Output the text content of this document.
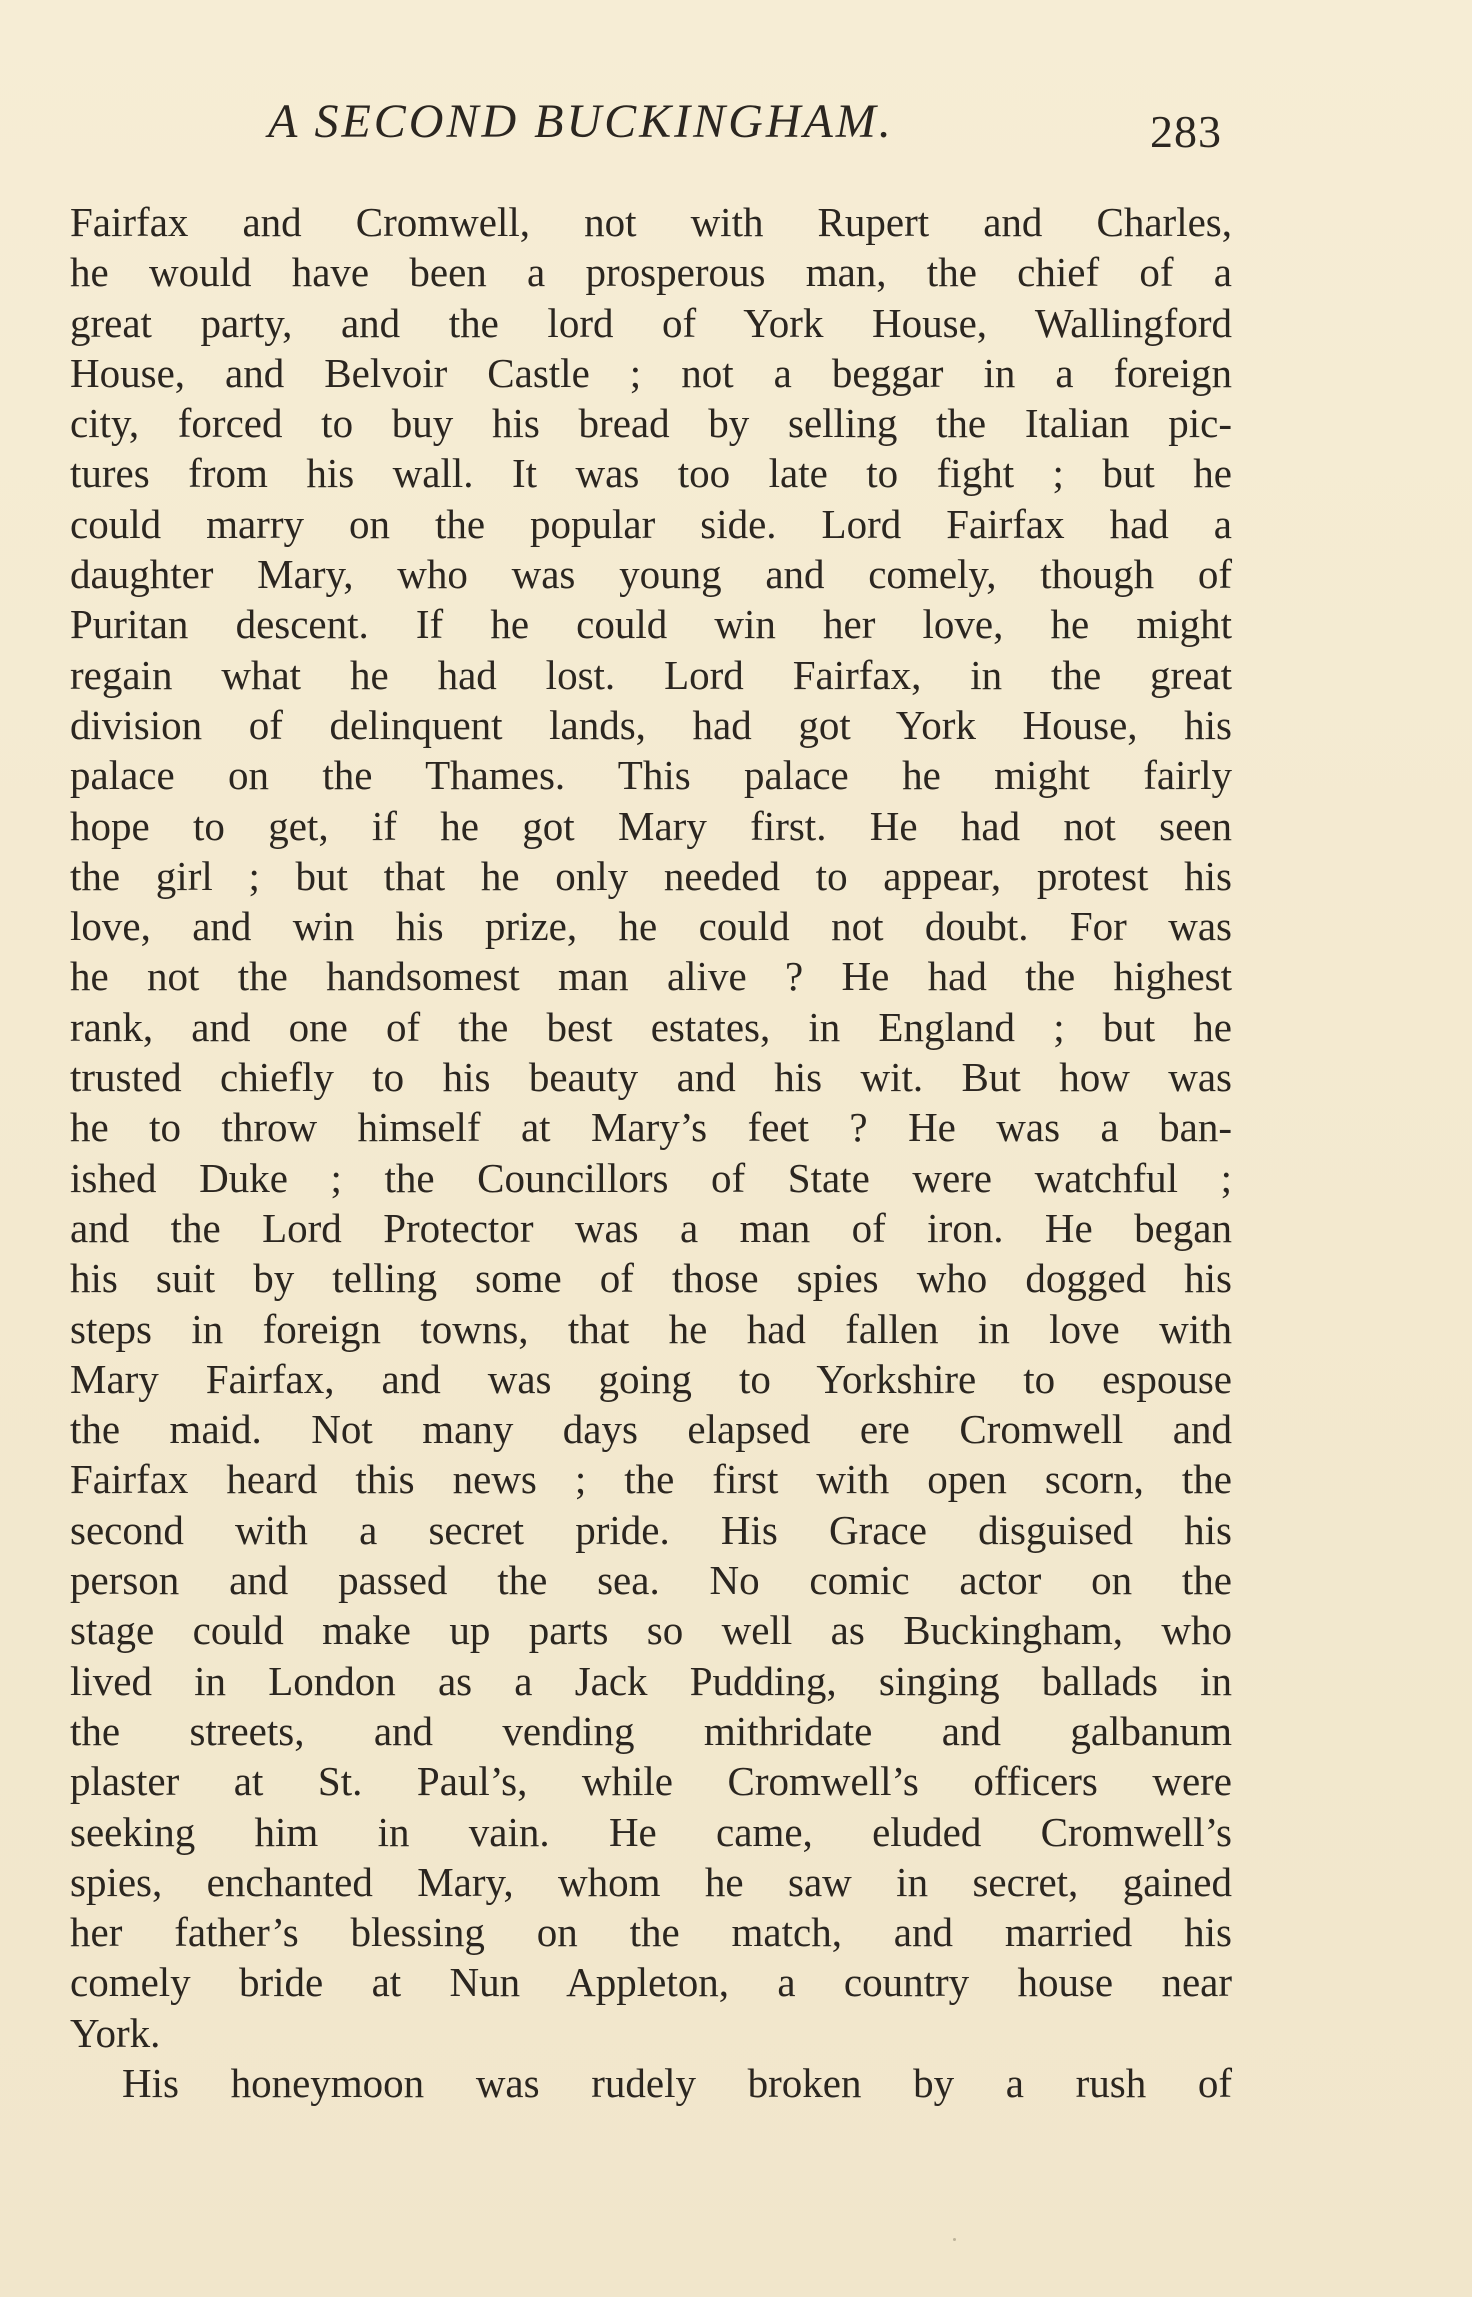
A SECOND BUCKINGHAM.	283
Fairfax and Cromwell, not with Rupert and Charles,
he would have been a prosperous man, the chief of a
great party, and the lord of York House, Wallingford
House, and Belvoir Castle ; not a beggar in a foreign
city, forced to buy his bread by selling the Italian pic-
tures from his wall. It was too late to fight ; but he
could marry on the popular side. Lord Fairfax had a
daughter Mary, who was young and comely, though of
Puritan descent. If he could win her love, he might
regain what he had lost. Lord Fairfax, in the great
division of delinquent lands, had got York House, his
palace on the Thames. This palace he might fairly
hope to get, if he got Mary first. He had not seen
the girl ; but that he only needed to appear, protest his
love, and win his prize, he could not doubt. For was
he not the handsomest man alive ? He had the highest
rank, and one of the best estates, in England ; but he
trusted chiefly to his beauty and his wit. But how was
he to throw himself at Mary’s feet ? He was a ban-
ished Duke ; the Councillors of State were watchful ;
and the Lord Protector was a man of iron. He began
his suit by telling some of those spies who dogged his
steps in foreign towns, that he had fallen in love with
Mary Fairfax, and was going to Yorkshire to espouse
the maid. Not many days elapsed ere Cromwell and
Fairfax heard this news ; the first with open scorn, the
second with a secret pride. His Grace disguised his
person and passed the sea. No comic actor on the
stage could make up parts so well as Buckingham, who
lived in London as a Jack Pudding, singing ballads in
the streets, and vending mithridate and galbanum
plaster at St. Paul’s, while Cromwell’s officers were
seeking him in vain. He came, eluded Cromwell’s
spies, enchanted Mary, whom he saw in secret, gained
her father’s blessing on the match, and married his
comely bride at Nun Appleton, a country house near
York.
His honeymoon was rudely broken by a rush of
